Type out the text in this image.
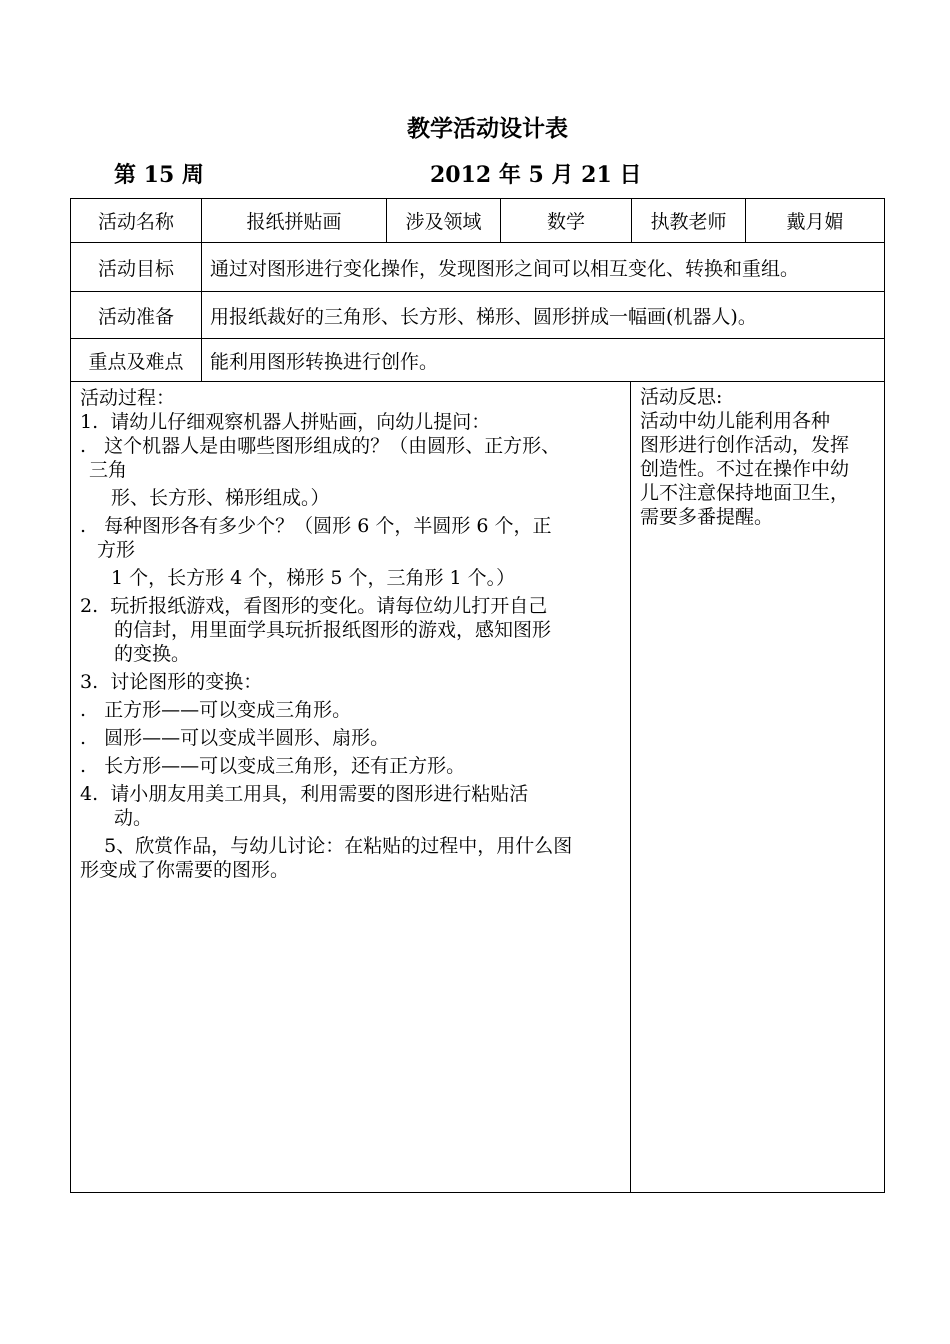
教学活动设计表
第 15 周	2012 年 5 月 21 日
活动名称	报纸拼贴画	涉及领域	数学	执教老师	戴月媚
活动目标	通过对图形进行变化操作，发现图形之间可以相互变化、转换和重组。
活动准备	用报纸裁好的三角形、长方形、梯形、圆形拼成一幅画(机器人)。
重点及难点	能利用图形转换进行创作。
活动过程：
1.  请幼儿仔细观察机器人拼贴画，向幼儿提问：
.   这个机器人是由哪些图形组成的？（由圆形、正方形、
三角
形、长方形、梯形组成。）
.   每种图形各有多少个？（圆形 6 个，半圆形 6 个，正
方形
1 个，长方形 4 个，梯形 5 个，三角形 1 个。）
2.  玩折报纸游戏，看图形的变化。请每位幼儿打开自己
的信封，用里面学具玩折报纸图形的游戏，感知图形
的变换。
3.  讨论图形的变换：
.   正方形——可以变成三角形。
.   圆形——可以变成半圆形、扇形。
.   长方形——可以变成三角形，还有正方形。
4.  请小朋友用美工用具，利用需要的图形进行粘贴活
动。
5、欣赏作品，与幼儿讨论：在粘贴的过程中，用什么图
形变成了你需要的图形。
活动反思:
活动中幼儿能利用各种
图形进行创作活动，发挥
创造性。不过在操作中幼
儿不注意保持地面卫生，
需要多番提醒。
